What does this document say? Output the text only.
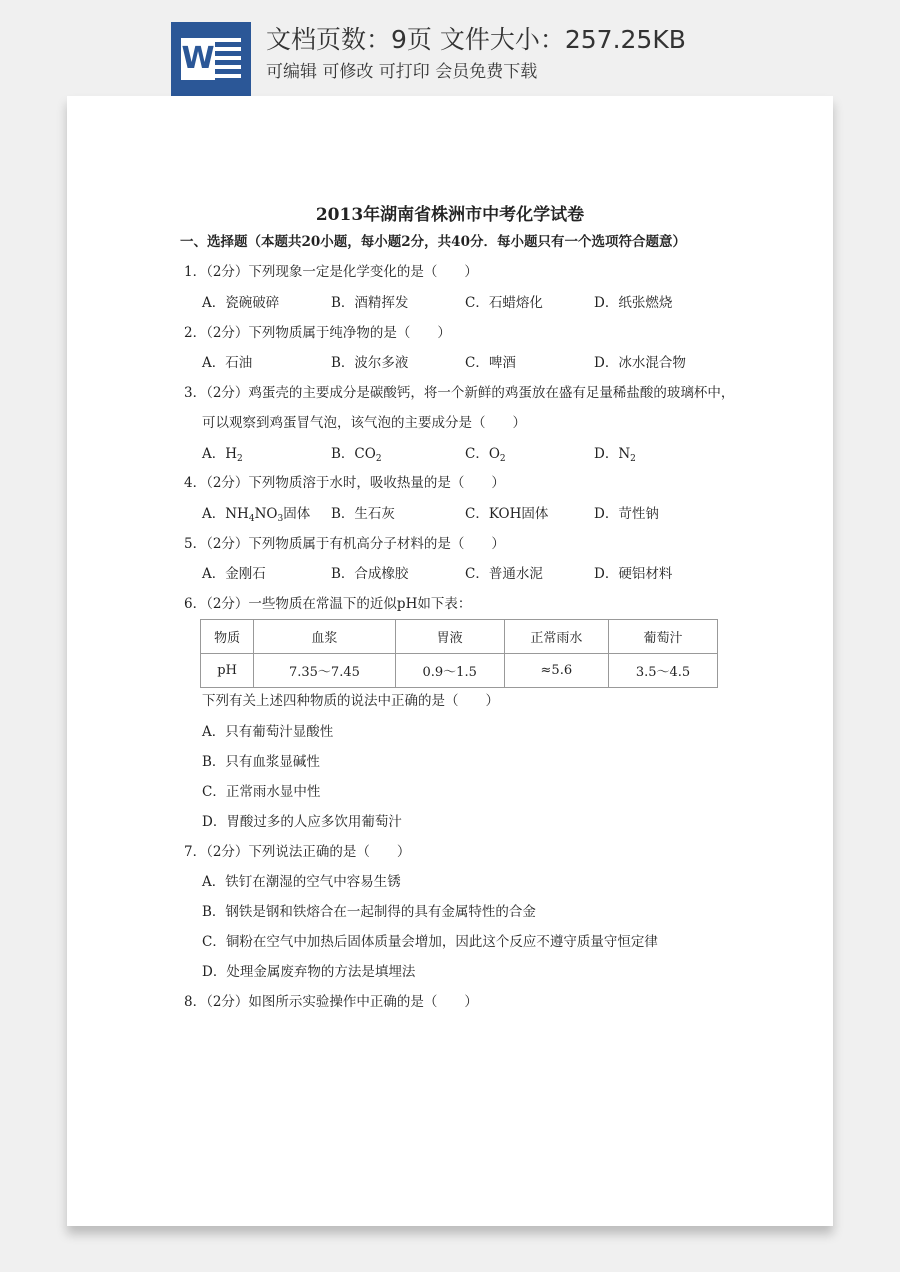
W
文档页数：9页 文件大小：257.25KB
可编辑 可修改 可打印 会员免费下载
2013年湖南省株洲市中考化学试卷
一、选择题（本题共20小题，每小题2分，共40分．每小题只有一个选项符合题意）
1．（2分）下列现象一定是化学变化的是（　　）
A．瓷碗破碎	B．酒精挥发	C．石蜡熔化	D．纸张燃烧
2．（2分）下列物质属于纯净物的是（　　）
A．石油	B．波尔多液	C．啤酒	D．冰水混合物
3．（2分）鸡蛋壳的主要成分是碳酸钙，将一个新鲜的鸡蛋放在盛有足量稀盐酸的玻璃杯中，
可以观察到鸡蛋冒气泡，该气泡的主要成分是（　　）
A．$H_2$	B．$CO_2$	C．$O_2$	D．$N_2$
4．（2分）下列物质溶于水时，吸收热量的是（　　）
A．$NH_4NO_3$固体 B．生石灰	C．KOH固体	D．苛性钠
5．（2分）下列物质属于有机高分子材料的是（　　）
A．金刚石	B．合成橡胶	C．普通水泥	D．硬铝材料
6．（2分）一些物质在常温下的近似pH如下表：
物质	血浆	胃液	正常雨水	葡萄汁
pH	7.35～7.45	0.9～1.5	≈5.6	3.5～4.5
下列有关上述四种物质的说法中正确的是（　　）
A．只有葡萄汁显酸性
B．只有血浆显碱性
C．正常雨水显中性
D．胃酸过多的人应多饮用葡萄汁
7．（2分）下列说法正确的是（　　）
A．铁钉在潮湿的空气中容易生锈
B．钢铁是钢和铁熔合在一起制得的具有金属特性的合金
C．铜粉在空气中加热后固体质量会增加，因此这个反应不遵守质量守恒定律
D．处理金属废弃物的方法是填埋法
8．（2分）如图所示实验操作中正确的是（　　）
